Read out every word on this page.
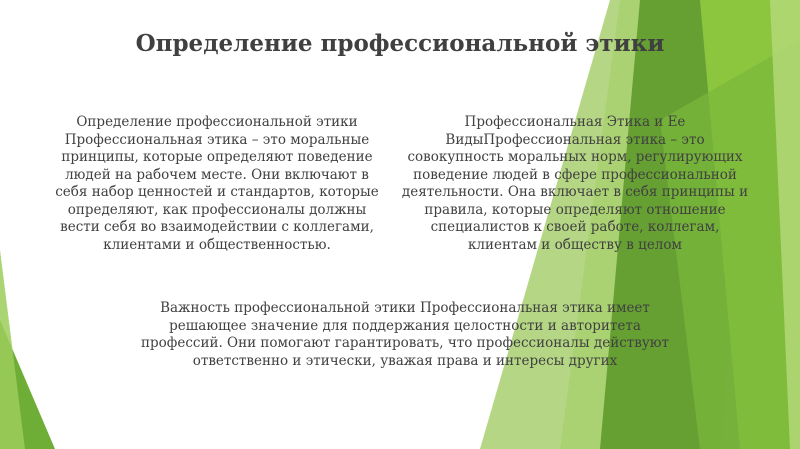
Определение профессиональной этики

Определение профессиональной этики Профессиональная этика – это моральные принципы, которые определяют поведение людей на рабочем месте. Они включают в себя набор ценностей и стандартов, которые определяют, как профессионалы должны вести себя во взаимодействии с коллегами, клиентами и общественностью.

Профессиональная Этика и Ее ВидыПрофессиональная этика – это совокупность моральных норм, регулирующих поведение людей в сфере профессиональной деятельности. Она включает в себя принципы и правила, которые определяют отношение специалистов к своей работе, коллегам, клиентам и обществу в целом

Важность профессиональной этики Профессиональная этика имеет решающее значение для поддержания целостности и авторитета профессий. Они помогают гарантировать, что профессионалы действуют ответственно и этически, уважая права и интересы других
